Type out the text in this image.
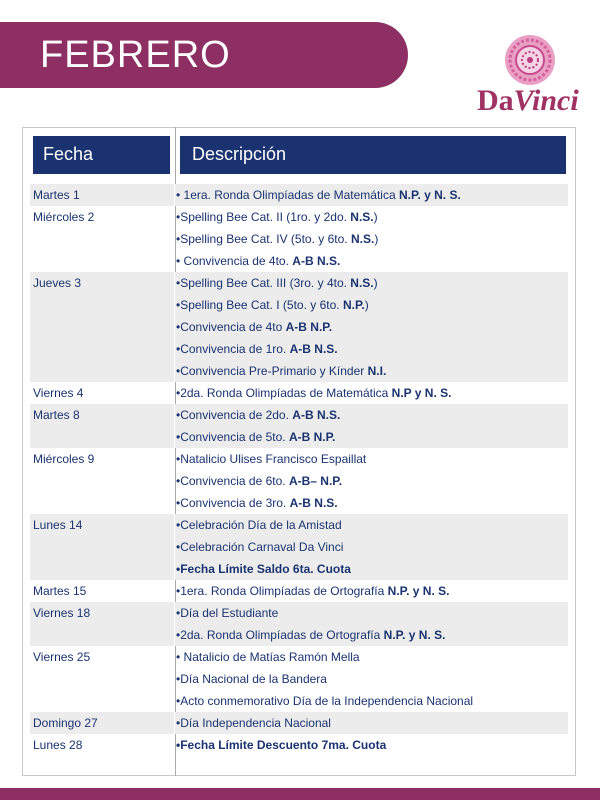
FEBRERO
DaVinci
Fecha	Descripción
Martes 1	• 1era. Ronda Olimpíadas de Matemática N.P. y N. S.
Miércoles 2	•Spelling Bee Cat. II (1ro. y 2do. N.S.)
•Spelling Bee Cat. IV (5to. y 6to. N.S.)
• Convivencia de 4to. A-B N.S.
Jueves 3	•Spelling Bee Cat. III (3ro. y 4to. N.S.)
•Spelling Bee Cat. I (5to. y 6to. N.P.)
•Convivencia de 4to A-B N.P.
•Convivencia de 1ro. A-B N.S.
•Convivencia Pre-Primario y Kínder N.I.
Viernes 4	•2da. Ronda Olimpíadas de Matemática N.P y N. S.
Martes 8	•Convivencia de 2do. A-B N.S.
•Convivencia de 5to. A-B N.P.
Miércoles 9	•Natalicio Ulises Francisco Espaillat
•Convivencia de 6to. A-B– N.P.
•Convivencia de 3ro. A-B N.S.
Lunes 14	•Celebración Día de la Amistad
•Celebración Carnaval Da Vinci
•Fecha Límite Saldo 6ta. Cuota
Martes 15	•1era. Ronda Olimpíadas de Ortografía N.P. y N. S.
Viernes 18	•Día del Estudiante
•2da. Ronda Olimpíadas de Ortografía N.P. y N. S.
Viernes 25	• Natalicio de Matías Ramón Mella
•Día Nacional de la Bandera
•Acto conmemorativo Día de la Independencia Nacional
Domingo 27	•Día Independencia Nacional
Lunes 28	•Fecha Límite Descuento 7ma. Cuota
